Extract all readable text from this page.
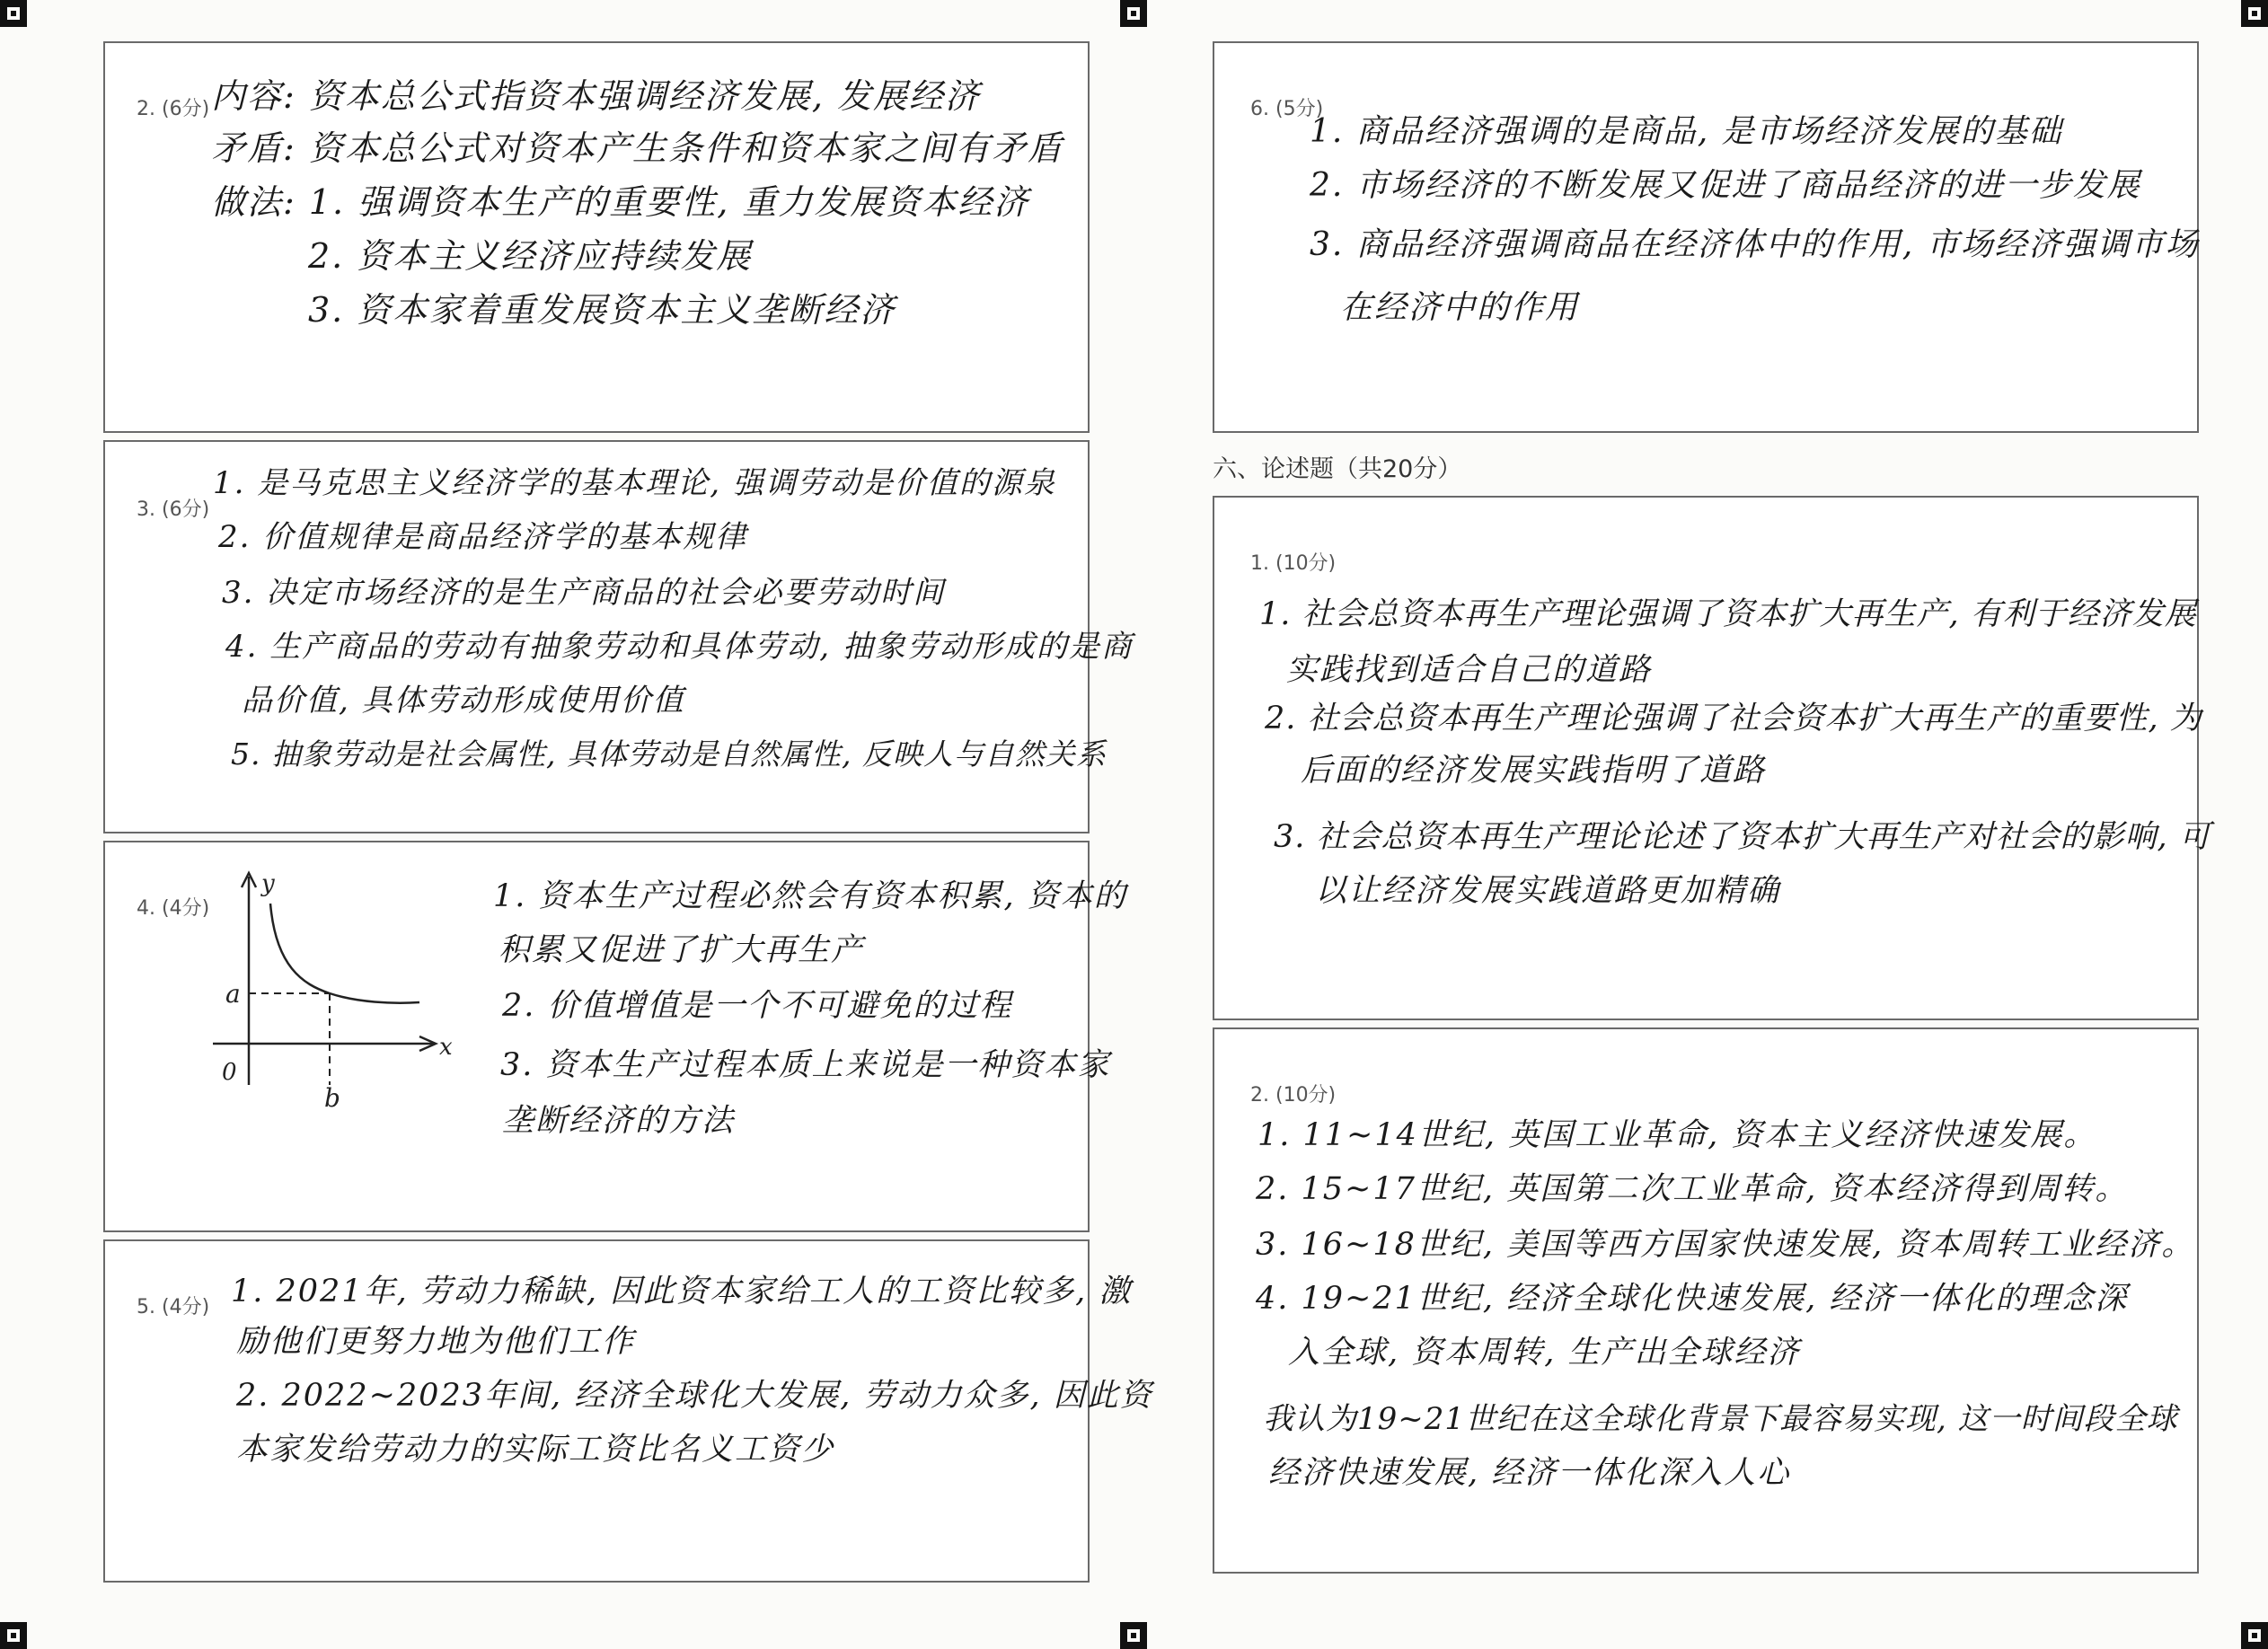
2. (6分) 内容: 资本总公式指资本强调经济发展, 发展经济
矛盾: 资本总公式对资本产生条件和资本家之间有矛盾
做法: 1. 强调资本生产的重要性, 重力发展资本经济
2. 资本主义经济应持续发展
3. 资本家着重发展资本主义垄断经济
3. (6分)
1. 是马克思主义经济学的基本理论, 强调劳动是价值的源泉
2. 价值规律是商品经济学的基本规律
3. 决定市场经济的是生产商品的社会必要劳动时间
4. 生产商品的劳动有抽象劳动和具体劳动, 抽象劳动形成的是商
品价值, 具体劳动形成使用价值
5. 抽象劳动是社会属性, 具体劳动是自然属性, 反映人与自然关系
4. (4分)
y
x
0
a
b
1. 资本生产过程必然会有资本积累, 资本的
积累又促进了扩大再生产
2. 价值增值是一个不可避免的过程
3. 资本生产过程本质上来说是一种资本家
垄断经济的方法
5. (4分) 1. 2021年, 劳动力稀缺, 因此资本家给工人的工资比较多, 激
励他们更努力地为他们工作
2. 2022~2023年间, 经济全球化大发展, 劳动力众多, 因此资
本家发给劳动力的实际工资比名义工资少
6. (5分)
1. 商品经济强调的是商品, 是市场经济发展的基础
2. 市场经济的不断发展又促进了商品经济的进一步发展
3. 商品经济强调商品在经济体中的作用, 市场经济强调市场
在经济中的作用
六、论述题（共20分）
1. (10分)
1. 社会总资本再生产理论强调了资本扩大再生产, 有利于经济发展
实践找到适合自己的道路
2. 社会总资本再生产理论强调了社会资本扩大再生产的重要性, 为
后面的经济发展实践指明了道路
3. 社会总资本再生产理论论述了资本扩大再生产对社会的影响, 可
以让经济发展实践道路更加精确
2. (10分)
1. 11~14世纪, 英国工业革命, 资本主义经济快速发展。
2. 15~17世纪, 英国第二次工业革命, 资本经济得到周转。
3. 16~18世纪, 美国等西方国家快速发展, 资本周转工业经济。
4. 19~21世纪, 经济全球化快速发展, 经济一体化的理念深
入全球, 资本周转, 生产出全球经济
我认为19~21世纪在这全球化背景下最容易实现, 这一时间段全球
经济快速发展, 经济一体化深入人心
